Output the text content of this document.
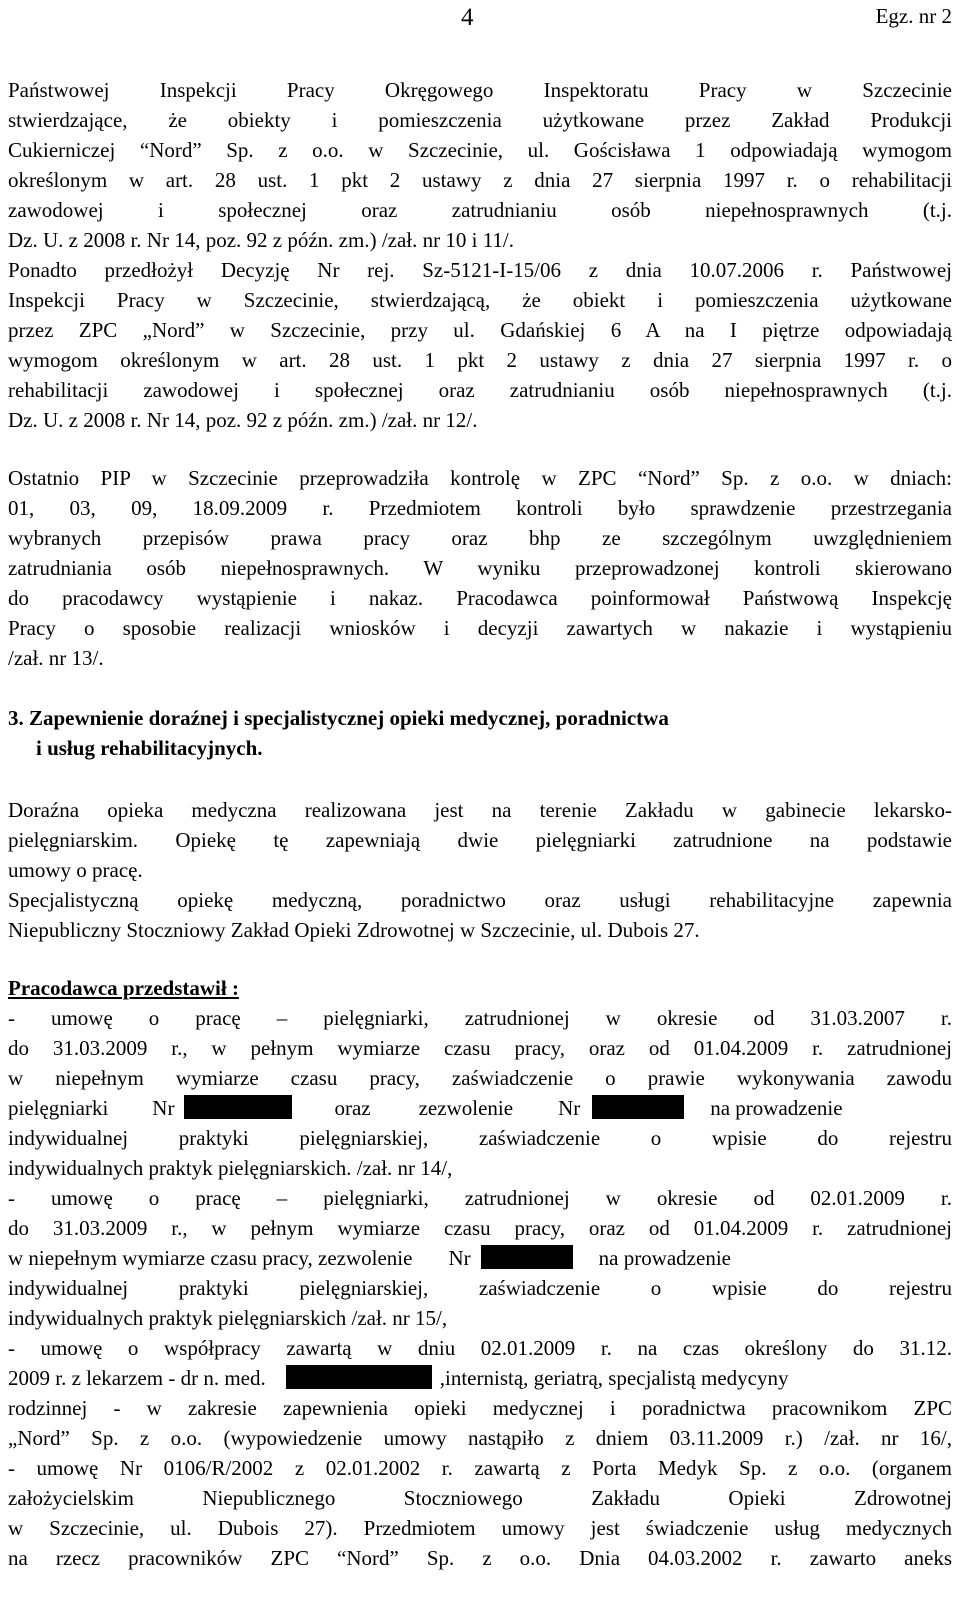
4	Egz. nr 2
Państwowej Inspekcji Pracy Okręgowego Inspektoratu Pracy w Szczecinie
stwierdzające, że obiekty i pomieszczenia użytkowane przez Zakład Produkcji
Cukierniczej “Nord” Sp. z o.o. w Szczecinie, ul. Gościsława 1 odpowiadają wymogom
określonym w art. 28 ust. 1 pkt 2 ustawy z dnia 27 sierpnia 1997 r. o rehabilitacji
zawodowej i społecznej oraz zatrudnianiu osób niepełnosprawnych (t.j.
Dz. U. z 2008 r. Nr 14, poz. 92 z późn. zm.) /zał. nr 10 i 11/.
Ponadto przedłożył Decyzję Nr rej. Sz-5121-I-15/06 z dnia 10.07.2006 r. Państwowej
Inspekcji Pracy w Szczecinie, stwierdzającą, że obiekt i pomieszczenia użytkowane
przez ZPC „Nord” w Szczecinie, przy ul. Gdańskiej 6 A na I piętrze odpowiadają
wymogom określonym w art. 28 ust. 1 pkt 2 ustawy z dnia 27 sierpnia 1997 r. o
rehabilitacji zawodowej i społecznej oraz zatrudnianiu osób niepełnosprawnych (t.j.
Dz. U. z 2008 r. Nr 14, poz. 92 z późn. zm.) /zał. nr 12/.
Ostatnio PIP w Szczecinie przeprowadziła kontrolę w ZPC “Nord” Sp. z o.o. w dniach:
01, 03, 09, 18.09.2009 r. Przedmiotem kontroli było sprawdzenie przestrzegania
wybranych przepisów prawa pracy oraz bhp ze szczególnym uwzględnieniem
zatrudniania osób niepełnosprawnych. W wyniku przeprowadzonej kontroli skierowano
do pracodawcy wystąpienie i nakaz. Pracodawca poinformował Państwową Inspekcję
Pracy o sposobie realizacji wniosków i decyzji zawartych w nakazie i wystąpieniu
/zał. nr 13/.
3. Zapewnienie doraźnej i specjalistycznej opieki medycznej, poradnictwa
i usług rehabilitacyjnych.
Doraźna opieka medyczna realizowana jest na terenie Zakładu w gabinecie lekarsko-
pielęgniarskim. Opiekę tę zapewniają dwie pielęgniarki zatrudnione na podstawie
umowy o pracę.
Specjalistyczną opiekę medyczną, poradnictwo oraz usługi rehabilitacyjne zapewnia
Niepubliczny Stoczniowy Zakład Opieki Zdrowotnej w Szczecinie, ul. Dubois 27.
Pracodawca przedstawił :
- umowę o pracę – pielęgniarki, zatrudnionej w okresie od 31.03.2007 r.
do 31.03.2009 r., w pełnym wymiarze czasu pracy, oraz od 01.04.2009 r. zatrudnionej
w niepełnym wymiarze czasu pracy, zaświadczenie o prawie wykonywania zawodu
pielęgniarki Nr	oraz zezwolenie Nr	na prowadzenie
indywidualnej praktyki pielęgniarskiej, zaświadczenie o wpisie do rejestru
indywidualnych praktyk pielęgniarskich. /zał. nr 14/,
- umowę o pracę – pielęgniarki, zatrudnionej w okresie od 02.01.2009 r.
do 31.03.2009 r., w pełnym wymiarze czasu pracy, oraz od 01.04.2009 r. zatrudnionej
w niepełnym wymiarze czasu pracy, zezwolenie Nr	na prowadzenie
indywidualnej praktyki pielęgniarskiej, zaświadczenie o wpisie do rejestru
indywidualnych praktyk pielęgniarskich /zał. nr 15/,
- umowę o współpracy zawartą w dniu 02.01.2009 r. na czas określony do 31.12.
2009 r. z lekarzem - dr n. med.	,internistą, geriatrą, specjalistą medycyny
rodzinnej - w zakresie zapewnienia opieki medycznej i poradnictwa pracownikom ZPC
„Nord” Sp. z o.o. (wypowiedzenie umowy nastąpiło z dniem 03.11.2009 r.) /zał. nr 16/,
- umowę Nr 0106/R/2002 z 02.01.2002 r. zawartą z Porta Medyk Sp. z o.o. (organem
założycielskim Niepublicznego Stoczniowego Zakładu Opieki Zdrowotnej
w Szczecinie, ul. Dubois 27). Przedmiotem umowy jest świadczenie usług medycznych
na rzecz pracowników ZPC “Nord” Sp. z o.o. Dnia 04.03.2002 r. zawarto aneks
